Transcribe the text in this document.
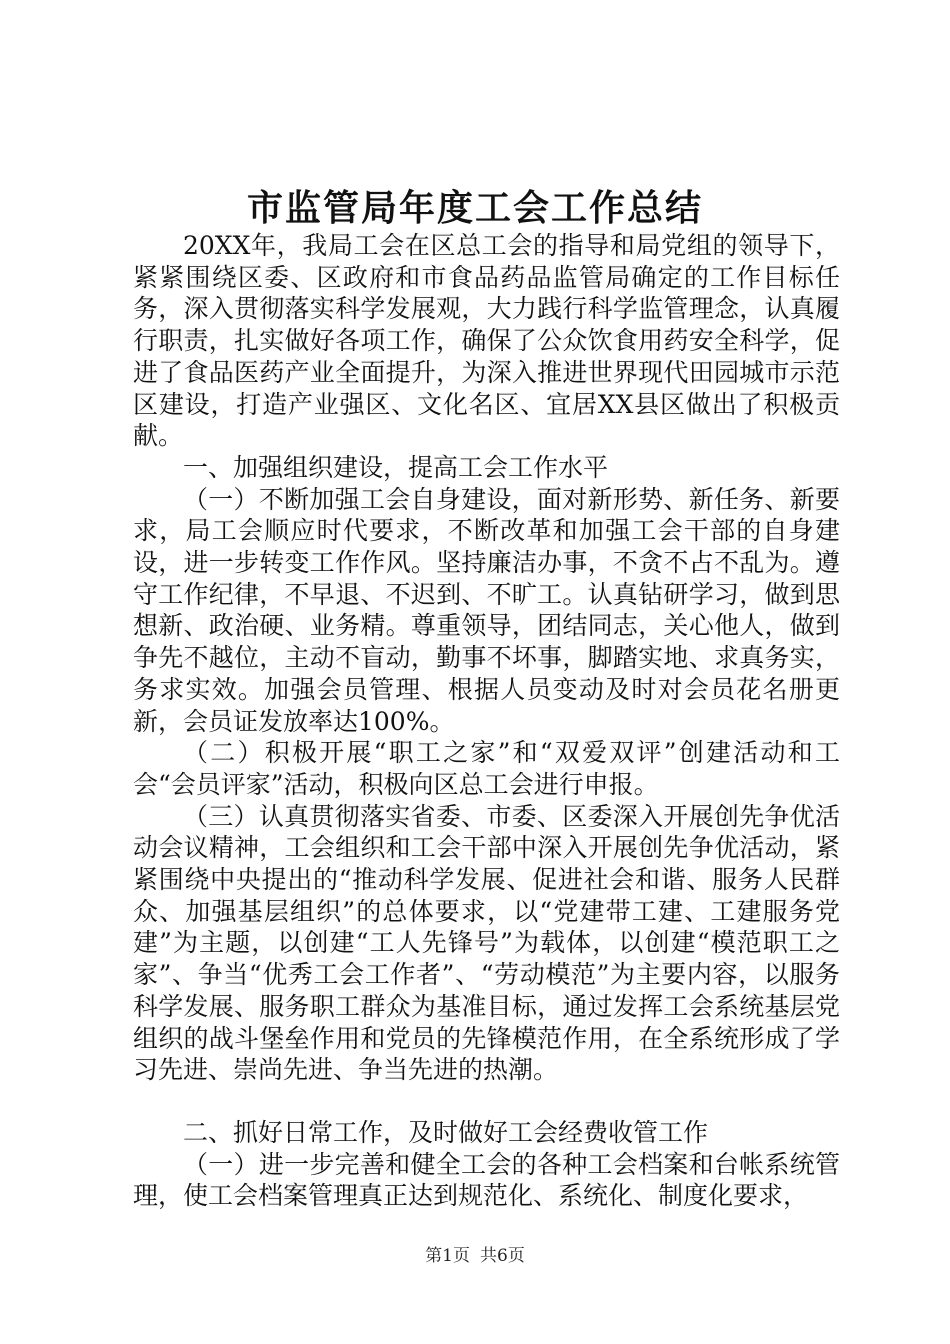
市监管局年度工会工作总结

20XX年，我局工会在区总工会的指导和局党组的领导下，紧紧围绕区委、区政府和市食品药品监管局确定的工作目标任务，深入贯彻落实科学发展观，大力践行科学监管理念，认真履行职责，扎实做好各项工作，确保了公众饮食用药安全科学，促进了食品医药产业全面提升，为深入推进世界现代田园城市示范区建设，打造产业强区、文化名区、宜居XX县区做出了积极贡献。

一、加强组织建设，提高工会工作水平

（一）不断加强工会自身建设，面对新形势、新任务、新要求，局工会顺应时代要求，不断改革和加强工会干部的自身建设，进一步转变工作作风。坚持廉洁办事，不贪不占不乱为。遵守工作纪律，不早退、不迟到、不旷工。认真钻研学习，做到思想新、政治硬、业务精。尊重领导，团结同志，关心他人，做到争先不越位，主动不盲动，勤事不坏事，脚踏实地、求真务实，务求实效。加强会员管理、根据人员变动及时对会员花名册更新，会员证发放率达100%。

（二）积极开展“职工之家”和“双爱双评”创建活动和工会“会员评家”活动，积极向区总工会进行申报。

（三）认真贯彻落实省委、市委、区委深入开展创先争优活动会议精神，工会组织和工会干部中深入开展创先争优活动，紧紧围绕中央提出的“推动科学发展、促进社会和谐、服务人民群众、加强基层组织”的总体要求，以“党建带工建、工建服务党建”为主题，以创建“工人先锋号”为载体，以创建“模范职工之家”、争当“优秀工会工作者”、“劳动模范”为主要内容，以服务科学发展、服务职工群众为基准目标，通过发挥工会系统基层党组织的战斗堡垒作用和党员的先锋模范作用，在全系统形成了学习先进、崇尚先进、争当先进的热潮。

二、抓好日常工作，及时做好工会经费收管工作

（一）进一步完善和健全工会的各种工会档案和台帐系统管理，使工会档案管理真正达到规范化、系统化、制度化要求，

第1页 共6页
